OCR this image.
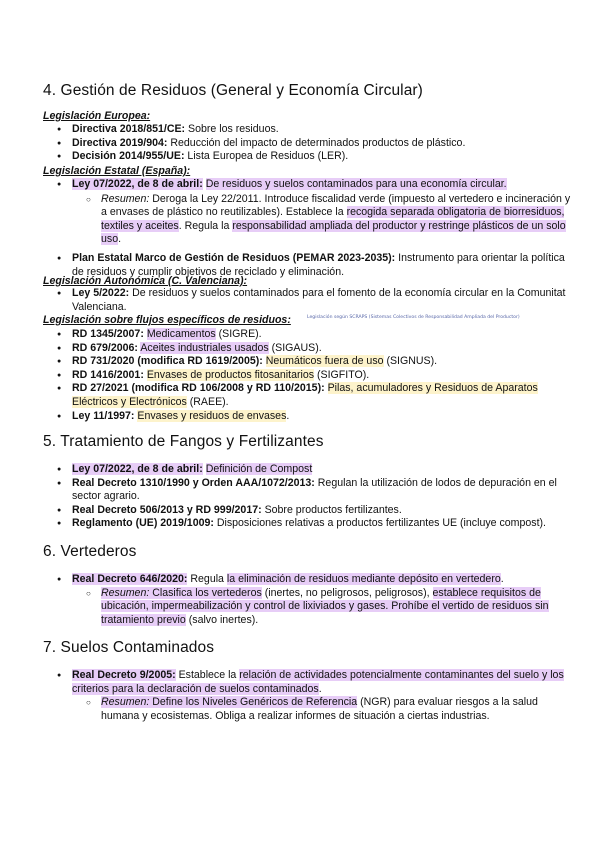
4. Gestión de Residuos (General y Economía Circular)

Legislación Europea:

● Directiva 2018/851/CE: Sobre los residuos.
● Directiva 2019/904: Reducción del impacto de determinados productos de plástico.
● Decisión 2014/955/UE: Lista Europea de Residuos (LER).

Legislación Estatal (España):

● Ley 07/2022, de 8 de abril: De residuos y suelos contaminados para una economía circular.
○ Resumen: Deroga la Ley 22/2011. Introduce fiscalidad verde (impuesto al vertedero e incineración y a envases de plástico no reutilizables). Establece la recogida separada obligatoria de biorresiduos, textiles y aceites. Regula la responsabilidad ampliada del productor y restringe plásticos de un solo uso.
● Plan Estatal Marco de Gestión de Residuos (PEMAR 2023-2035): Instrumento para orientar la política de residuos y cumplir objetivos de reciclado y eliminación.

Legislación Autonómica (C. Valenciana):

● Ley 5/2022: De residuos y suelos contaminados para el fomento de la economía circular en la Comunitat Valenciana.

Legislación sobre flujos específicos de residuos:	Legislación según SCRAPS (Sistemas Colectivos de Responsabilidad Ampliada del Productor)
● RD 1345/2007: Medicamentos (SIGRE).
● RD 679/2006: Aceites industriales usados (SIGAUS).
● RD 731/2020 (modifica RD 1619/2005): Neumáticos fuera de uso (SIGNUS).
● RD 1416/2001: Envases de productos fitosanitarios (SIGFITO).
● RD 27/2021 (modifica RD 106/2008 y RD 110/2015): Pilas, acumuladores y Residuos de Aparatos Eléctricos y Electrónicos (RAEE).
● Ley 11/1997: Envases y residuos de envases.
5. Tratamiento de Fangos y Fertilizantes
● Ley 07/2022, de 8 de abril: Definición de Compost
● Real Decreto 1310/1990 y Orden AAA/1072/2013: Regulan la utilización de lodos de depuración en el sector agrario.
● Real Decreto 506/2013 y RD 999/2017: Sobre productos fertilizantes.
● Reglamento (UE) 2019/1009: Disposiciones relativas a productos fertilizantes UE (incluye compost).
6. Vertederos
● Real Decreto 646/2020: Regula la eliminación de residuos mediante depósito en vertedero.
○ Resumen: Clasifica los vertederos (inertes, no peligrosos, peligrosos), establece requisitos de ubicación, impermeabilización y control de lixiviados y gases. Prohíbe el vertido de residuos sin tratamiento previo (salvo inertes).
7. Suelos Contaminados
● Real Decreto 9/2005: Establece la relación de actividades potencialmente contaminantes del suelo y los criterios para la declaración de suelos contaminados.
○ Resumen: Define los Niveles Genéricos de Referencia (NGR) para evaluar riesgos a la salud humana y ecosistemas. Obliga a realizar informes de situación a ciertas industrias.
